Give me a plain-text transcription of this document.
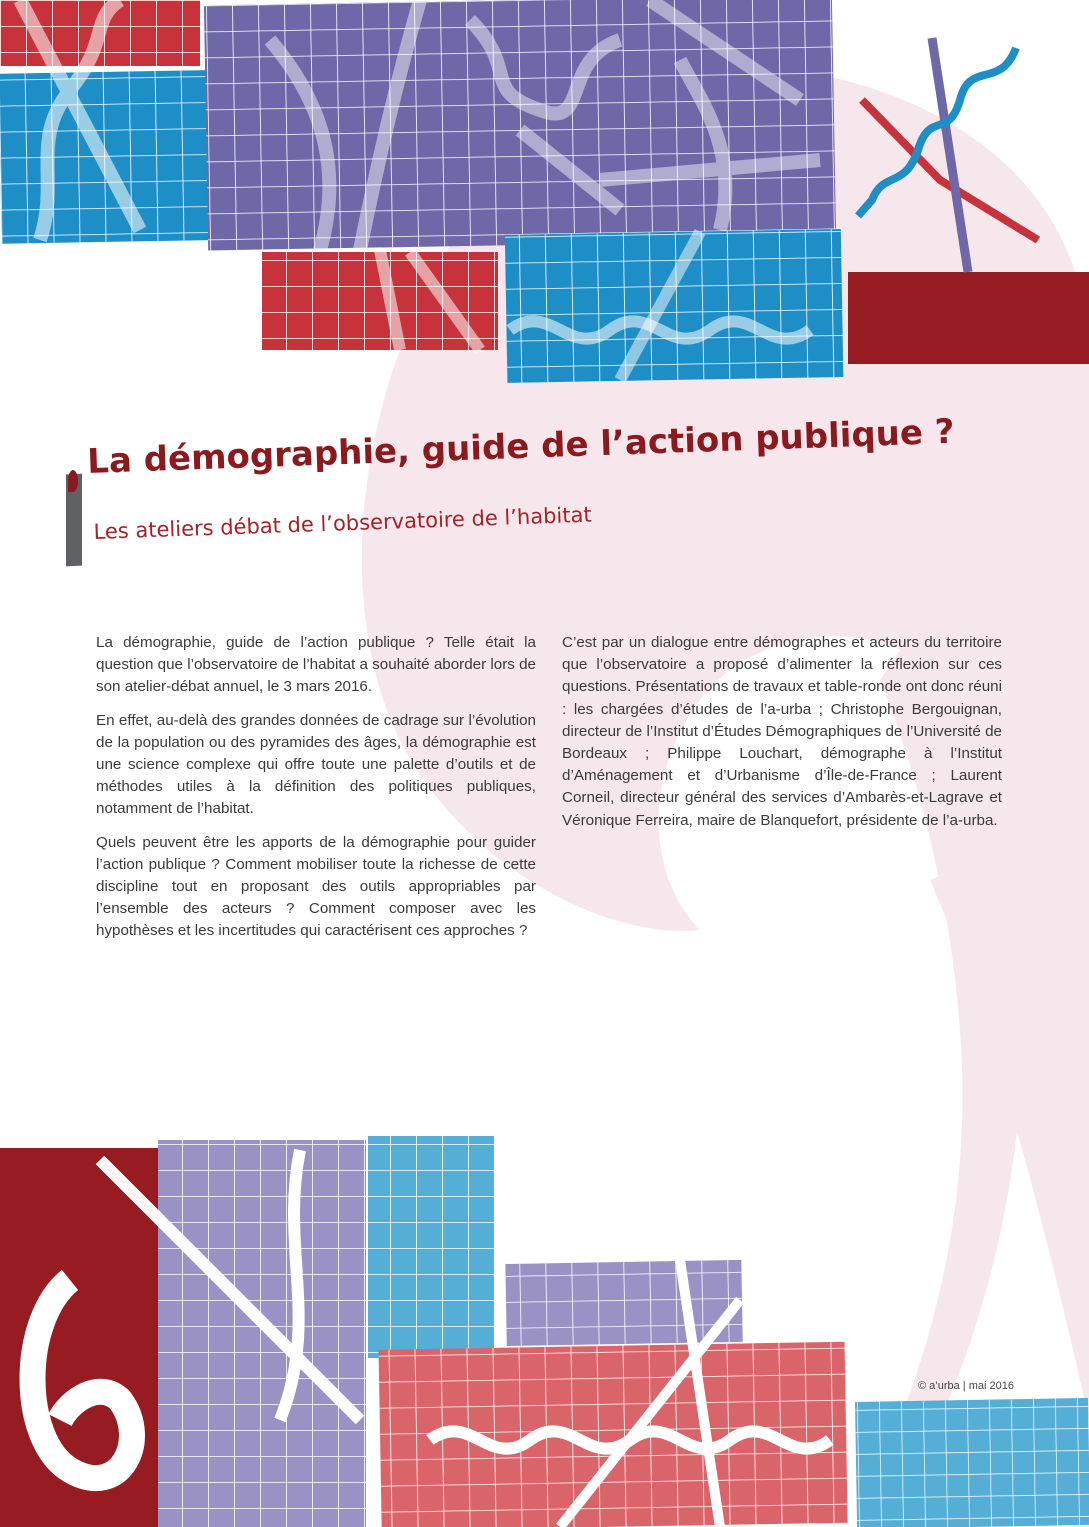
La démographie, guide de l’action publique ?
Les ateliers débat de l’observatoire de l’habitat

La démographie, guide de l’action publique ? Telle était la question que l’observatoire de l’habitat a souhaité aborder lors de son atelier-débat annuel, le 3 mars 2016.

En effet, au-delà des grandes données de cadrage sur l’évolution de la population ou des pyramides des âges, la démographie est une science complexe qui offre toute une palette d’outils et de méthodes utiles à la définition des politiques publiques, notamment de l’habitat.

Quels peuvent être les apports de la démographie pour guider l’action publique ? Comment mobiliser toute la richesse de cette discipline tout en proposant des outils appropriables par l’ensemble des acteurs ? Comment composer avec les hypothèses et les incertitudes qui caractérisent ces approches ?

C’est par un dialogue entre démographes et acteurs du territoire que l’observatoire a proposé d’alimenter la réflexion sur ces questions. Présentations de travaux et table-ronde ont donc réuni : les chargées d’études de l’a-urba ; Christophe Bergouignan, directeur de l’Institut d’Études Démographiques de l’Université de Bordeaux ; Philippe Louchart, démographe à l’Institut d’Aménagement et d’Urbanisme d’Île-de-France ; Laurent Corneil, directeur général des services d’Ambarès-et-Lagrave et Véronique Ferreira, maire de Blanquefort, présidente de l’a-urba.

© a’urba | mai 2016
